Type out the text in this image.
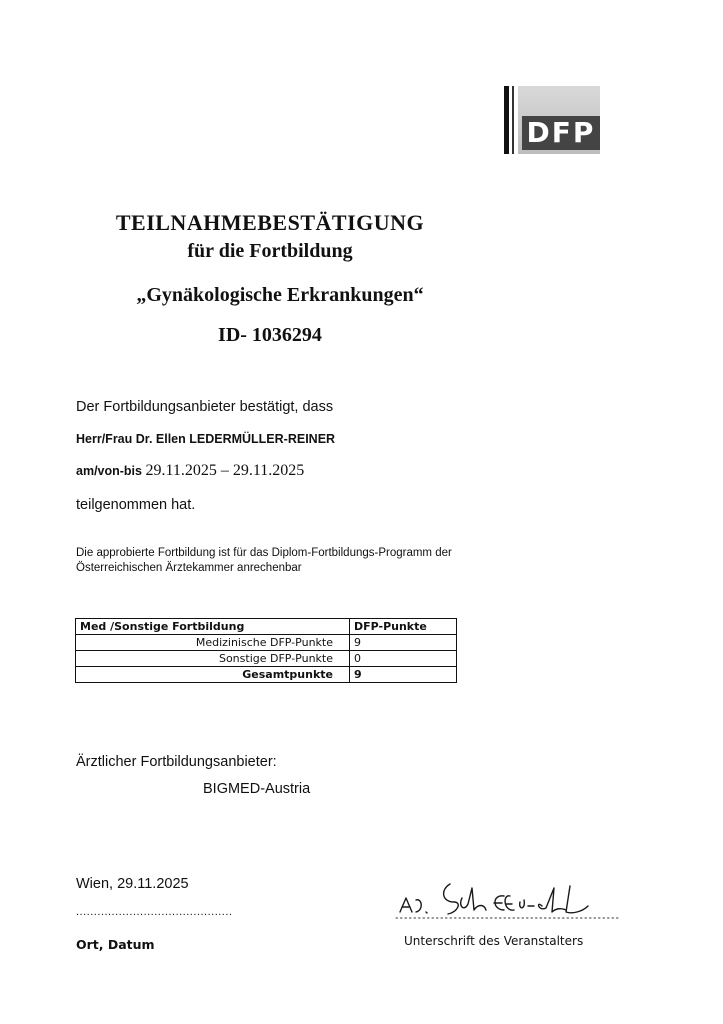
DFP
TEILNAHMEBESTÄTIGUNG
für die Fortbildung
„Gynäkologische Erkrankungen“
ID- 1036294
Der Fortbildungsanbieter bestätigt, dass
Herr/Frau Dr. Ellen LEDERMÜLLER-REINER
am/von-bis 29.11.2025 – 29.11.2025
teilgenommen hat.
Die approbierte Fortbildung ist für das Diplom-Fortbildungs-Programm der Österreichischen Ärztekammer anrechenbar
Med /Sonstige Fortbildung	DFP-Punkte
Medizinische DFP-Punkte	9
Sonstige DFP-Punkte	0
Gesamtpunkte	9
Ärztlicher Fortbildungsanbieter:
BIGMED-Austria
Wien, 29.11.2025
............................................
Ort, Datum	Unterschrift des Veranstalters
